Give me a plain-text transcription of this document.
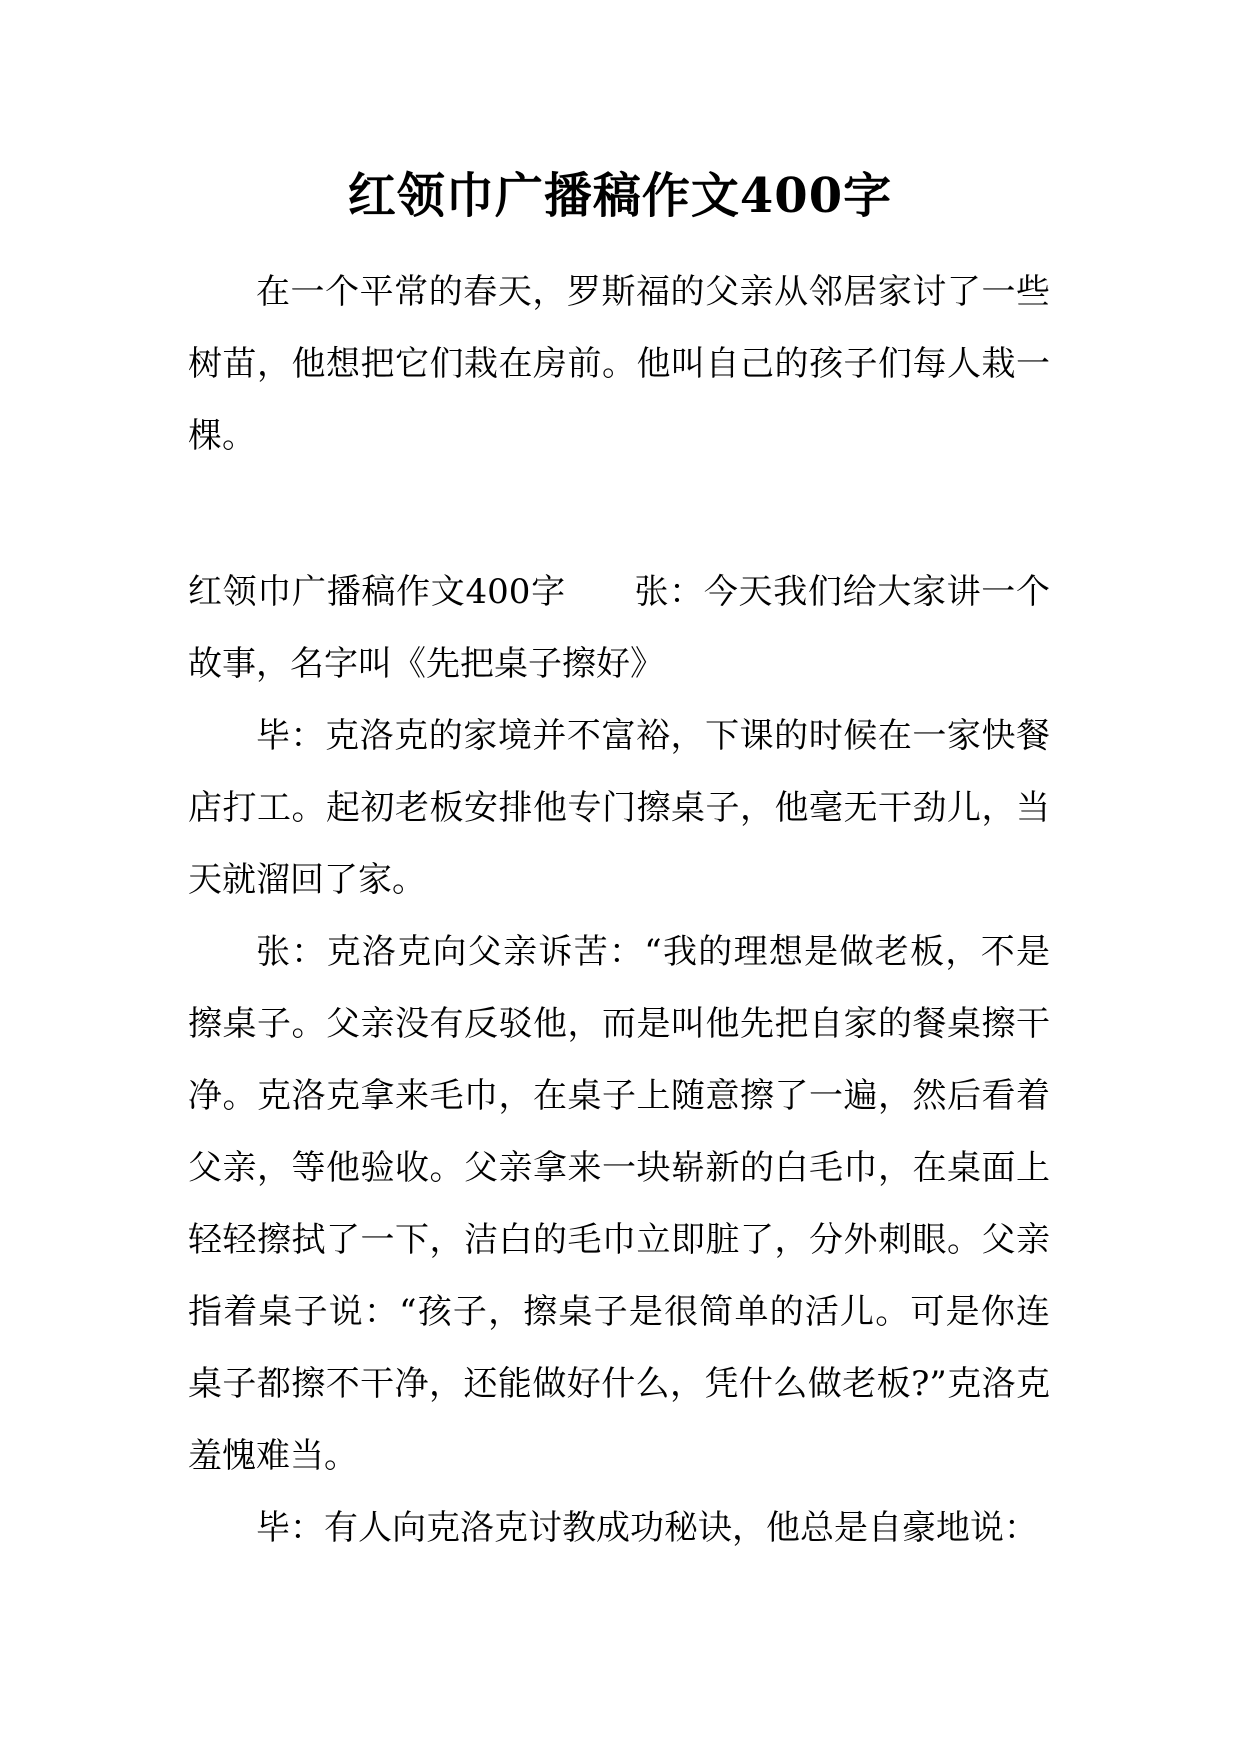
红领巾广播稿作文400字

在一个平常的春天，罗斯福的父亲从邻居家讨了一些树苗，他想把它们栽在房前。他叫自己的孩子们每人栽一棵。

红领巾广播稿作文400字 张：今天我们给大家讲一个故事，名字叫《先把桌子擦好》

毕：克洛克的家境并不富裕，下课的时候在一家快餐店打工。起初老板安排他专门擦桌子，他毫无干劲儿，当天就溜回了家。

张：克洛克向父亲诉苦：“我的理想是做老板，不是擦桌子。父亲没有反驳他，而是叫他先把自家的餐桌擦干净。克洛克拿来毛巾，在桌子上随意擦了一遍，然后看着父亲，等他验收。父亲拿来一块崭新的白毛巾，在桌面上轻轻擦拭了一下，洁白的毛巾立即脏了，分外刺眼。父亲指着桌子说：“孩子，擦桌子是很简单的活儿。可是你连桌子都擦不干净，还能做好什么，凭什么做老板?”克洛克羞愧难当。

毕：有人向克洛克讨教成功秘诀，他总是自豪地说：
